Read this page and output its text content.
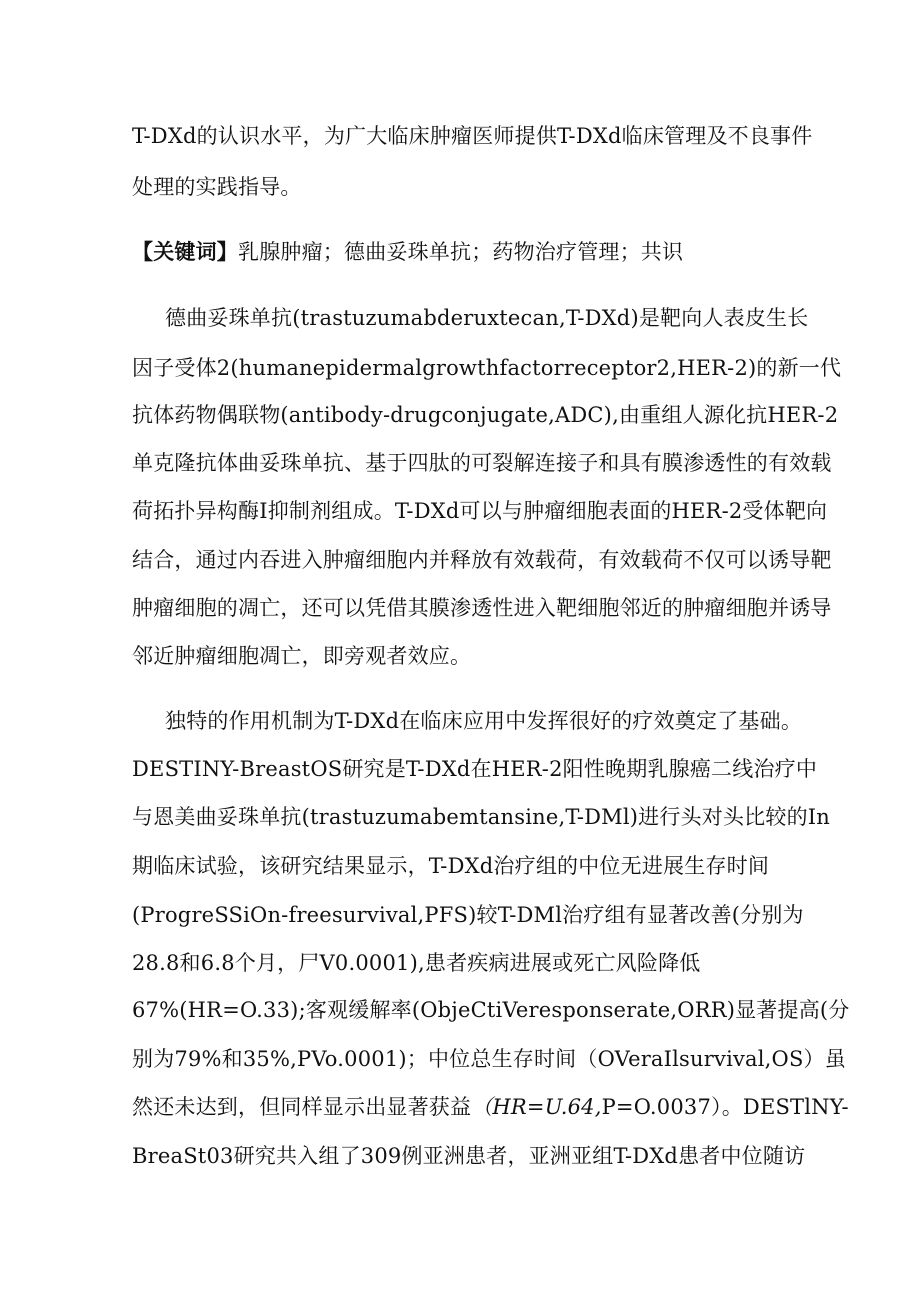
T-DXd的认识水平，为广大临床肿瘤医师提供T-DXd临床管理及不良事件
处理的实践指导。
【关键词】乳腺肿瘤；德曲妥珠单抗；药物治疗管理；共识
德曲妥珠单抗(trastuzumabderuxtecan,T-DXd)是靶向人表皮生长
因子受体2(humanepidermalgrowthfactorreceptor2,HER-2)的新一代
抗体药物偶联物(antibody-drugconjugate,ADC),由重组人源化抗HER-2
单克隆抗体曲妥珠单抗、基于四肽的可裂解连接子和具有膜渗透性的有效载
荷拓扑异构酶I抑制剂组成。T-DXd可以与肿瘤细胞表面的HER-2受体靶向
结合，通过内吞进入肿瘤细胞内并释放有效载荷，有效载荷不仅可以诱导靶
肿瘤细胞的凋亡，还可以凭借其膜渗透性进入靶细胞邻近的肿瘤细胞并诱导
邻近肿瘤细胞凋亡，即旁观者效应。
独特的作用机制为T-DXd在临床应用中发挥很好的疗效奠定了基础。
DESTINY-BreastOS研究是T-DXd在HER-2阳性晚期乳腺癌二线治疗中
与恩美曲妥珠单抗(trastuzumabemtansine,T-DMl)进行头对头比较的In
期临床试验，该研究结果显示，T-DXd治疗组的中位无进展生存时间
(ProgreSSiOn-freesurvival,PFS)较T-DMl治疗组有显著改善(分别为
28.8和6.8个月，尸V0.0001),患者疾病进展或死亡风险降低
67%(HR=O.33);客观缓解率(ObjeCtiVeresponserate,ORR)显著提高(分
别为79%和35%,PVo.0001)；中位总生存时间（OVeraIlsurvival,OS）虽
然还未达到，但同样显示出显著获益（HR=U.64,P=O.0037）。DESTlNY-
BreaSt03研究共入组了309例亚洲患者，亚洲亚组T-DXd患者中位随访
